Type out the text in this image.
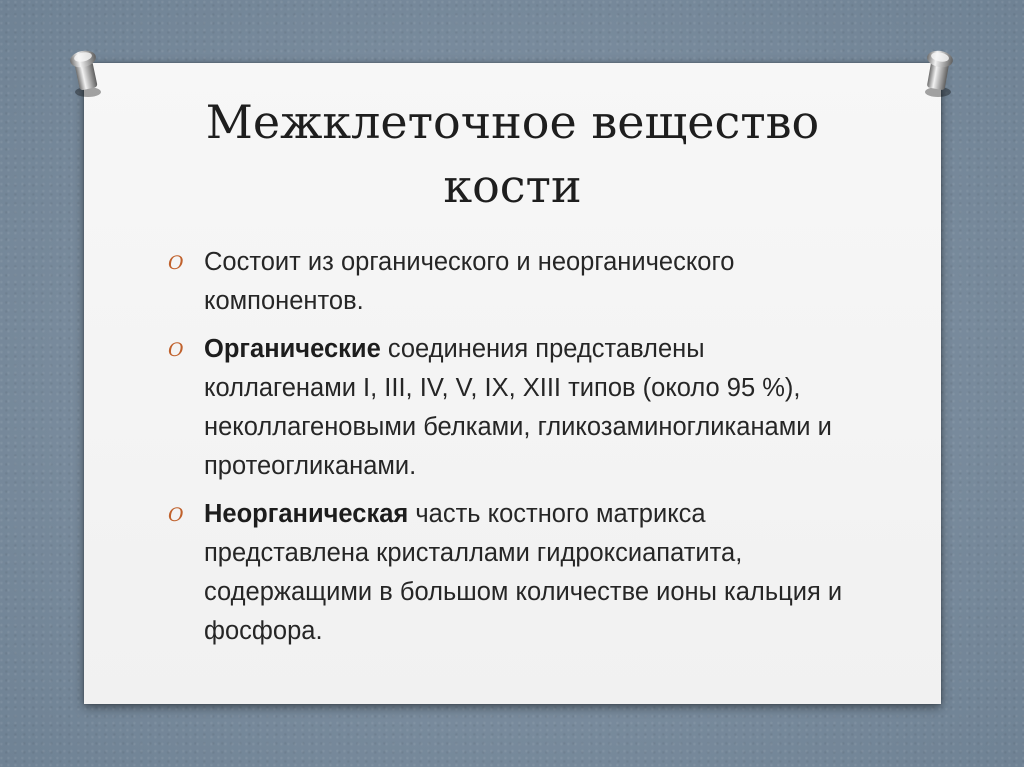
Межклеточное вещество
кости
O Состоит из органического и неорганического компонентов.
O Органические соединения представлены коллагенами I, III, IV, V, IX, XIII типов (около 95 %), неколлагеновыми белками, гликозаминогликанами и протеогликанами.
O Неорганическая часть костного матрикса представлена кристаллами гидроксиапатита, содержащими в большом количестве ионы кальция и фосфора.
